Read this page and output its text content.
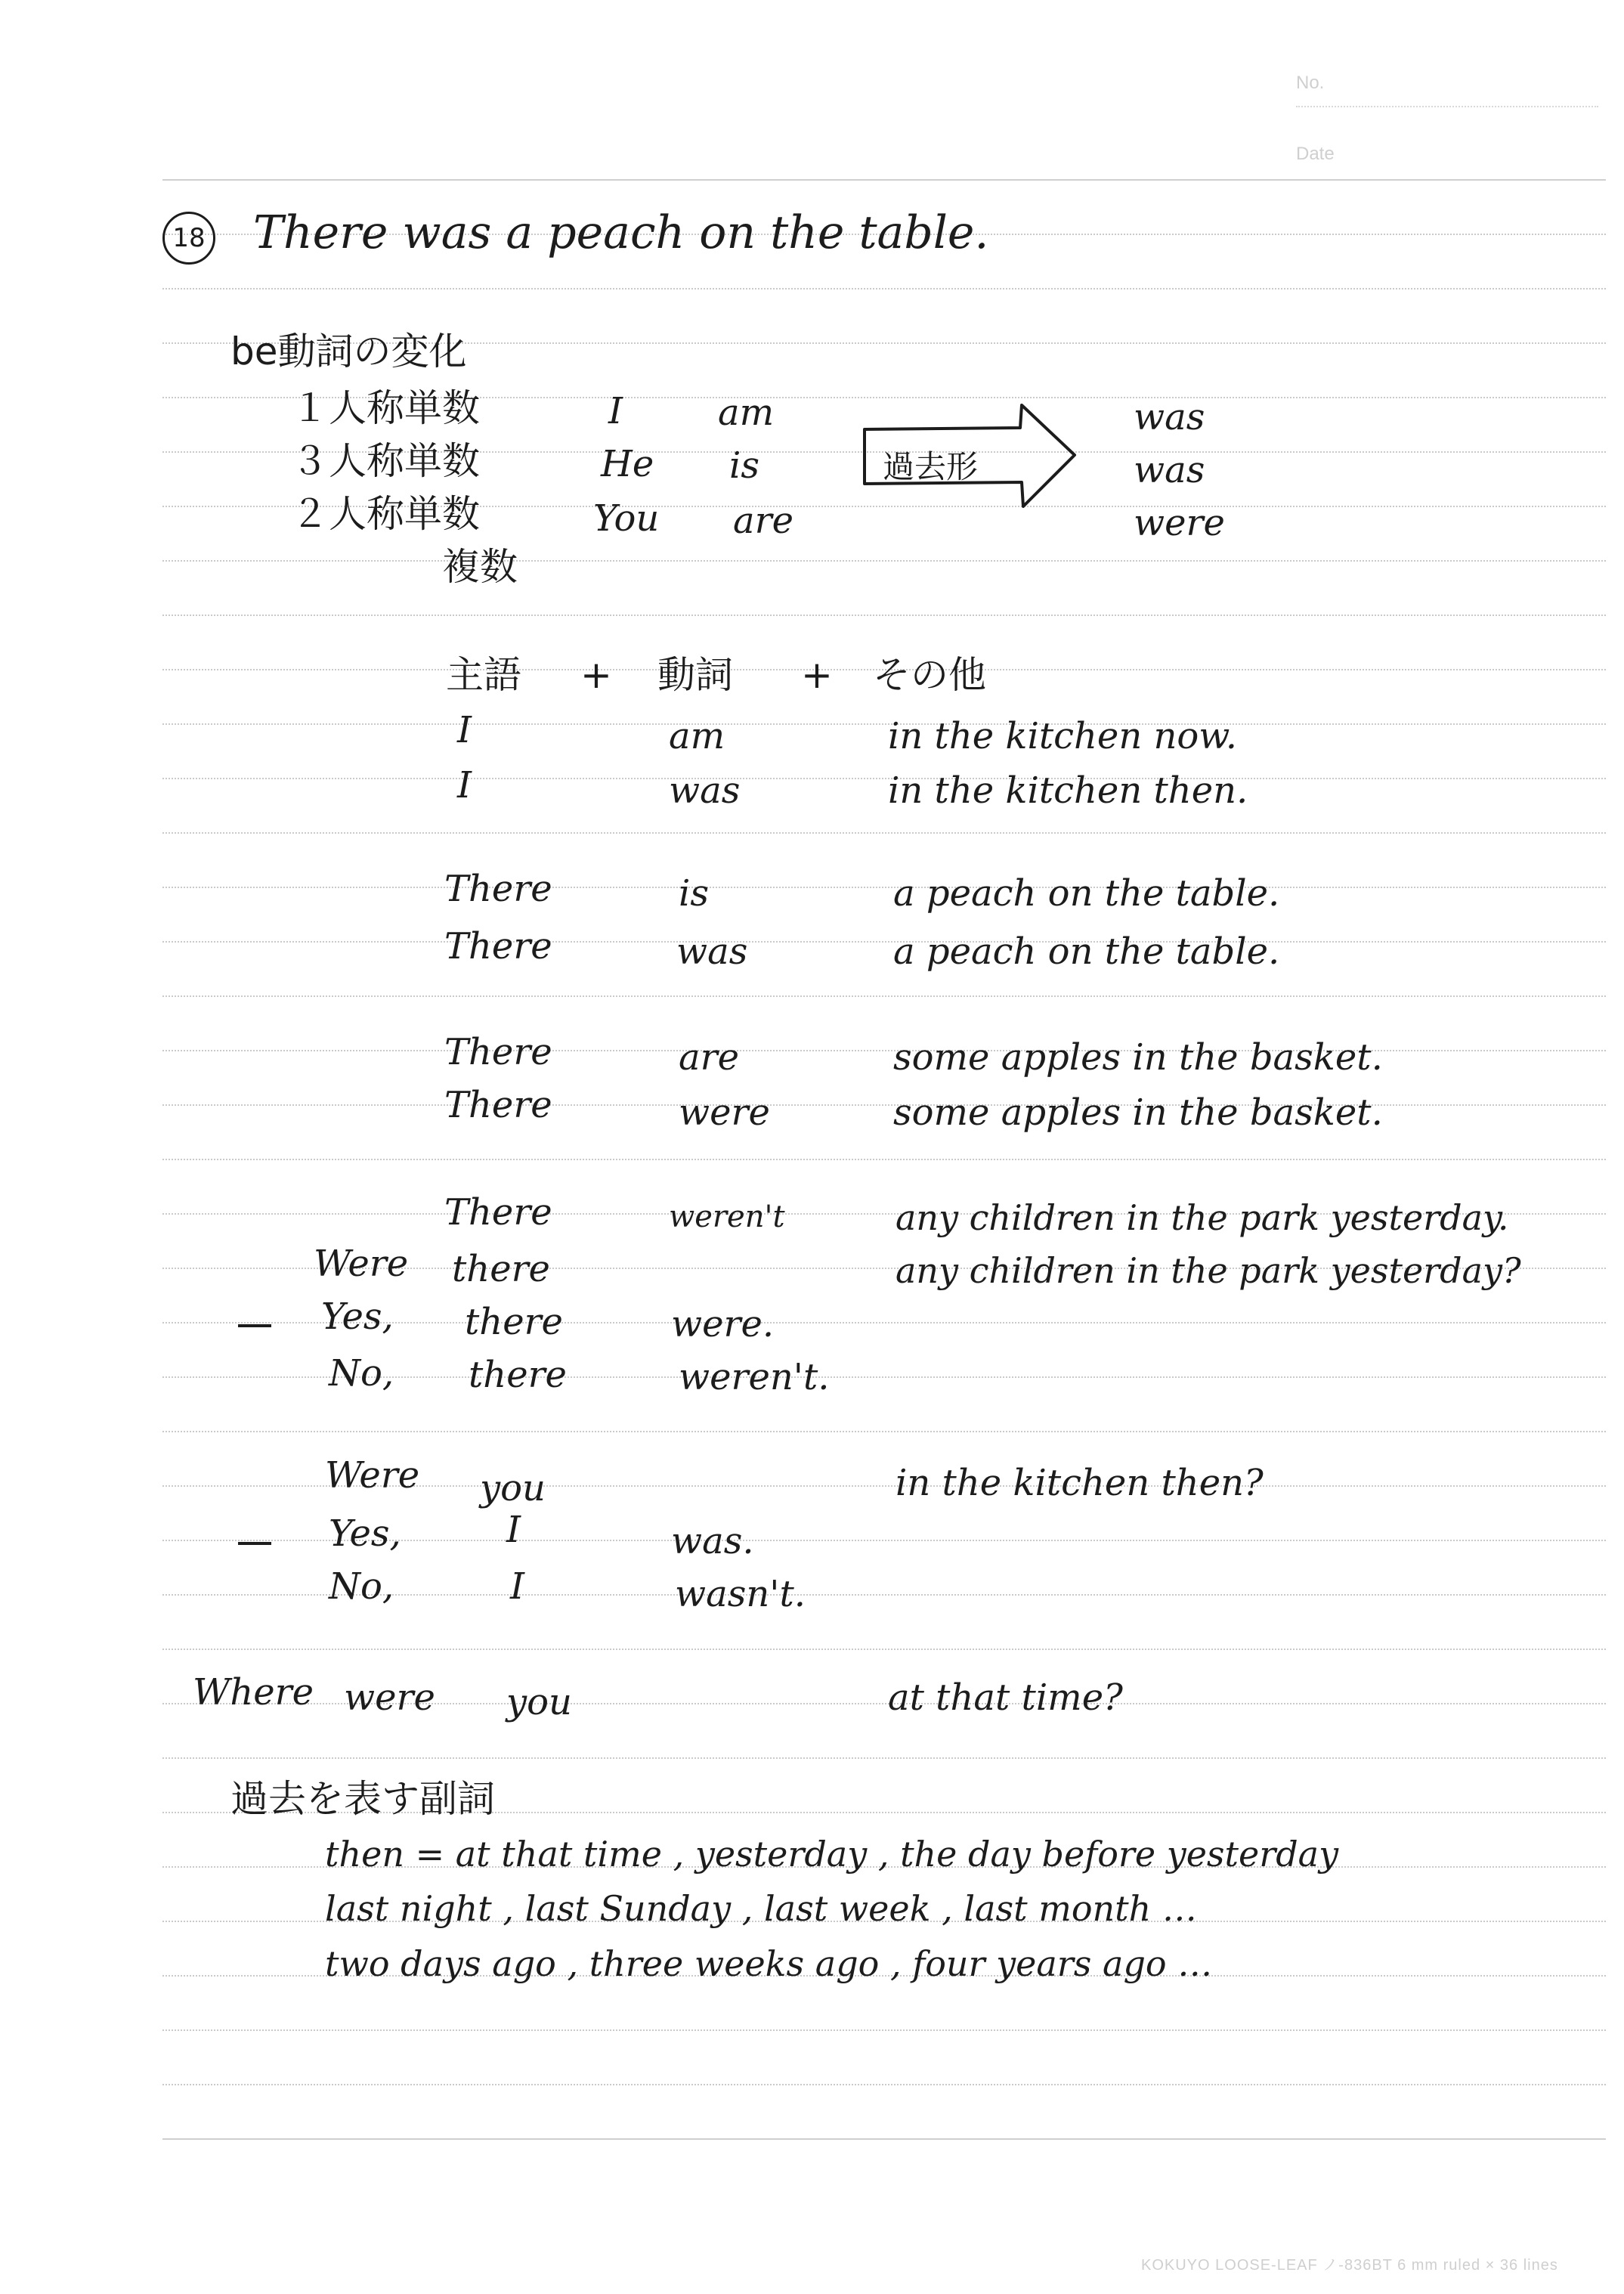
No.
Date
18 There was a peach on the table.
be動詞の変化
１人称単数	I	am	was
３人称単数	He is	was
２人称単数	You are	were
複数
過去形
主語 + 動詞 + その他
I	am	in the kitchen now.
I	was	in the kitchen then.
There	is	a peach on the table.
There	was	a peach on the table.
There	are	some apples in the basket.
There	were	some apples in the basket.
There	weren't	any children in the park yesterday.
Were there	any children in the park yesterday?
Yes, there	were.
No, there	weren't.
Were you	in the kitchen then?
Yes,	I	was.
No,	I	wasn't.
Where were you	at that time?
過去を表す副詞
then = at that time , yesterday , the day before yesterday
last night , last Sunday , last week , last month …
two days ago , three weeks ago , four years ago …
KOKUYO LOOSE-LEAF ノ-836BT 6 mm ruled × 36 lines
